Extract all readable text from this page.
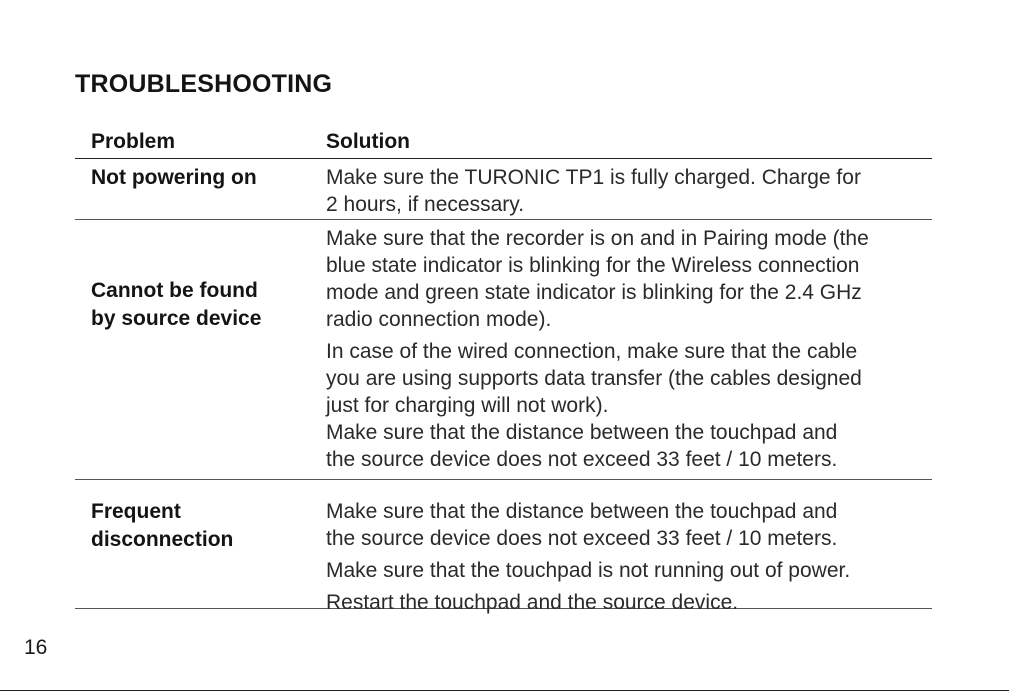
TROUBLESHOOTING
Problem	Solution
Not powering on	Make sure the TURONIC TP1 is fully charged. Charge for
2 hours, if necessary.

Cannot be found
by source device

Make sure that the recorder is on and in Pairing mode (the
blue state indicator is blinking for the Wireless connection
mode and green state indicator is blinking for the 2.4 GHz
radio connection mode).

In case of the wired connection, make sure that the cable
you are using supports data transfer (the cables designed
just for charging will not work).

Make sure that the distance between the touchpad and
the source device does not exceed 33 feet / 10 meters.

Frequent
disconnection

Make sure that the distance between the touchpad and
the source device does not exceed 33 feet / 10 meters.

Make sure that the touchpad is not running out of power.

Restart the touchpad and the source device.

16
